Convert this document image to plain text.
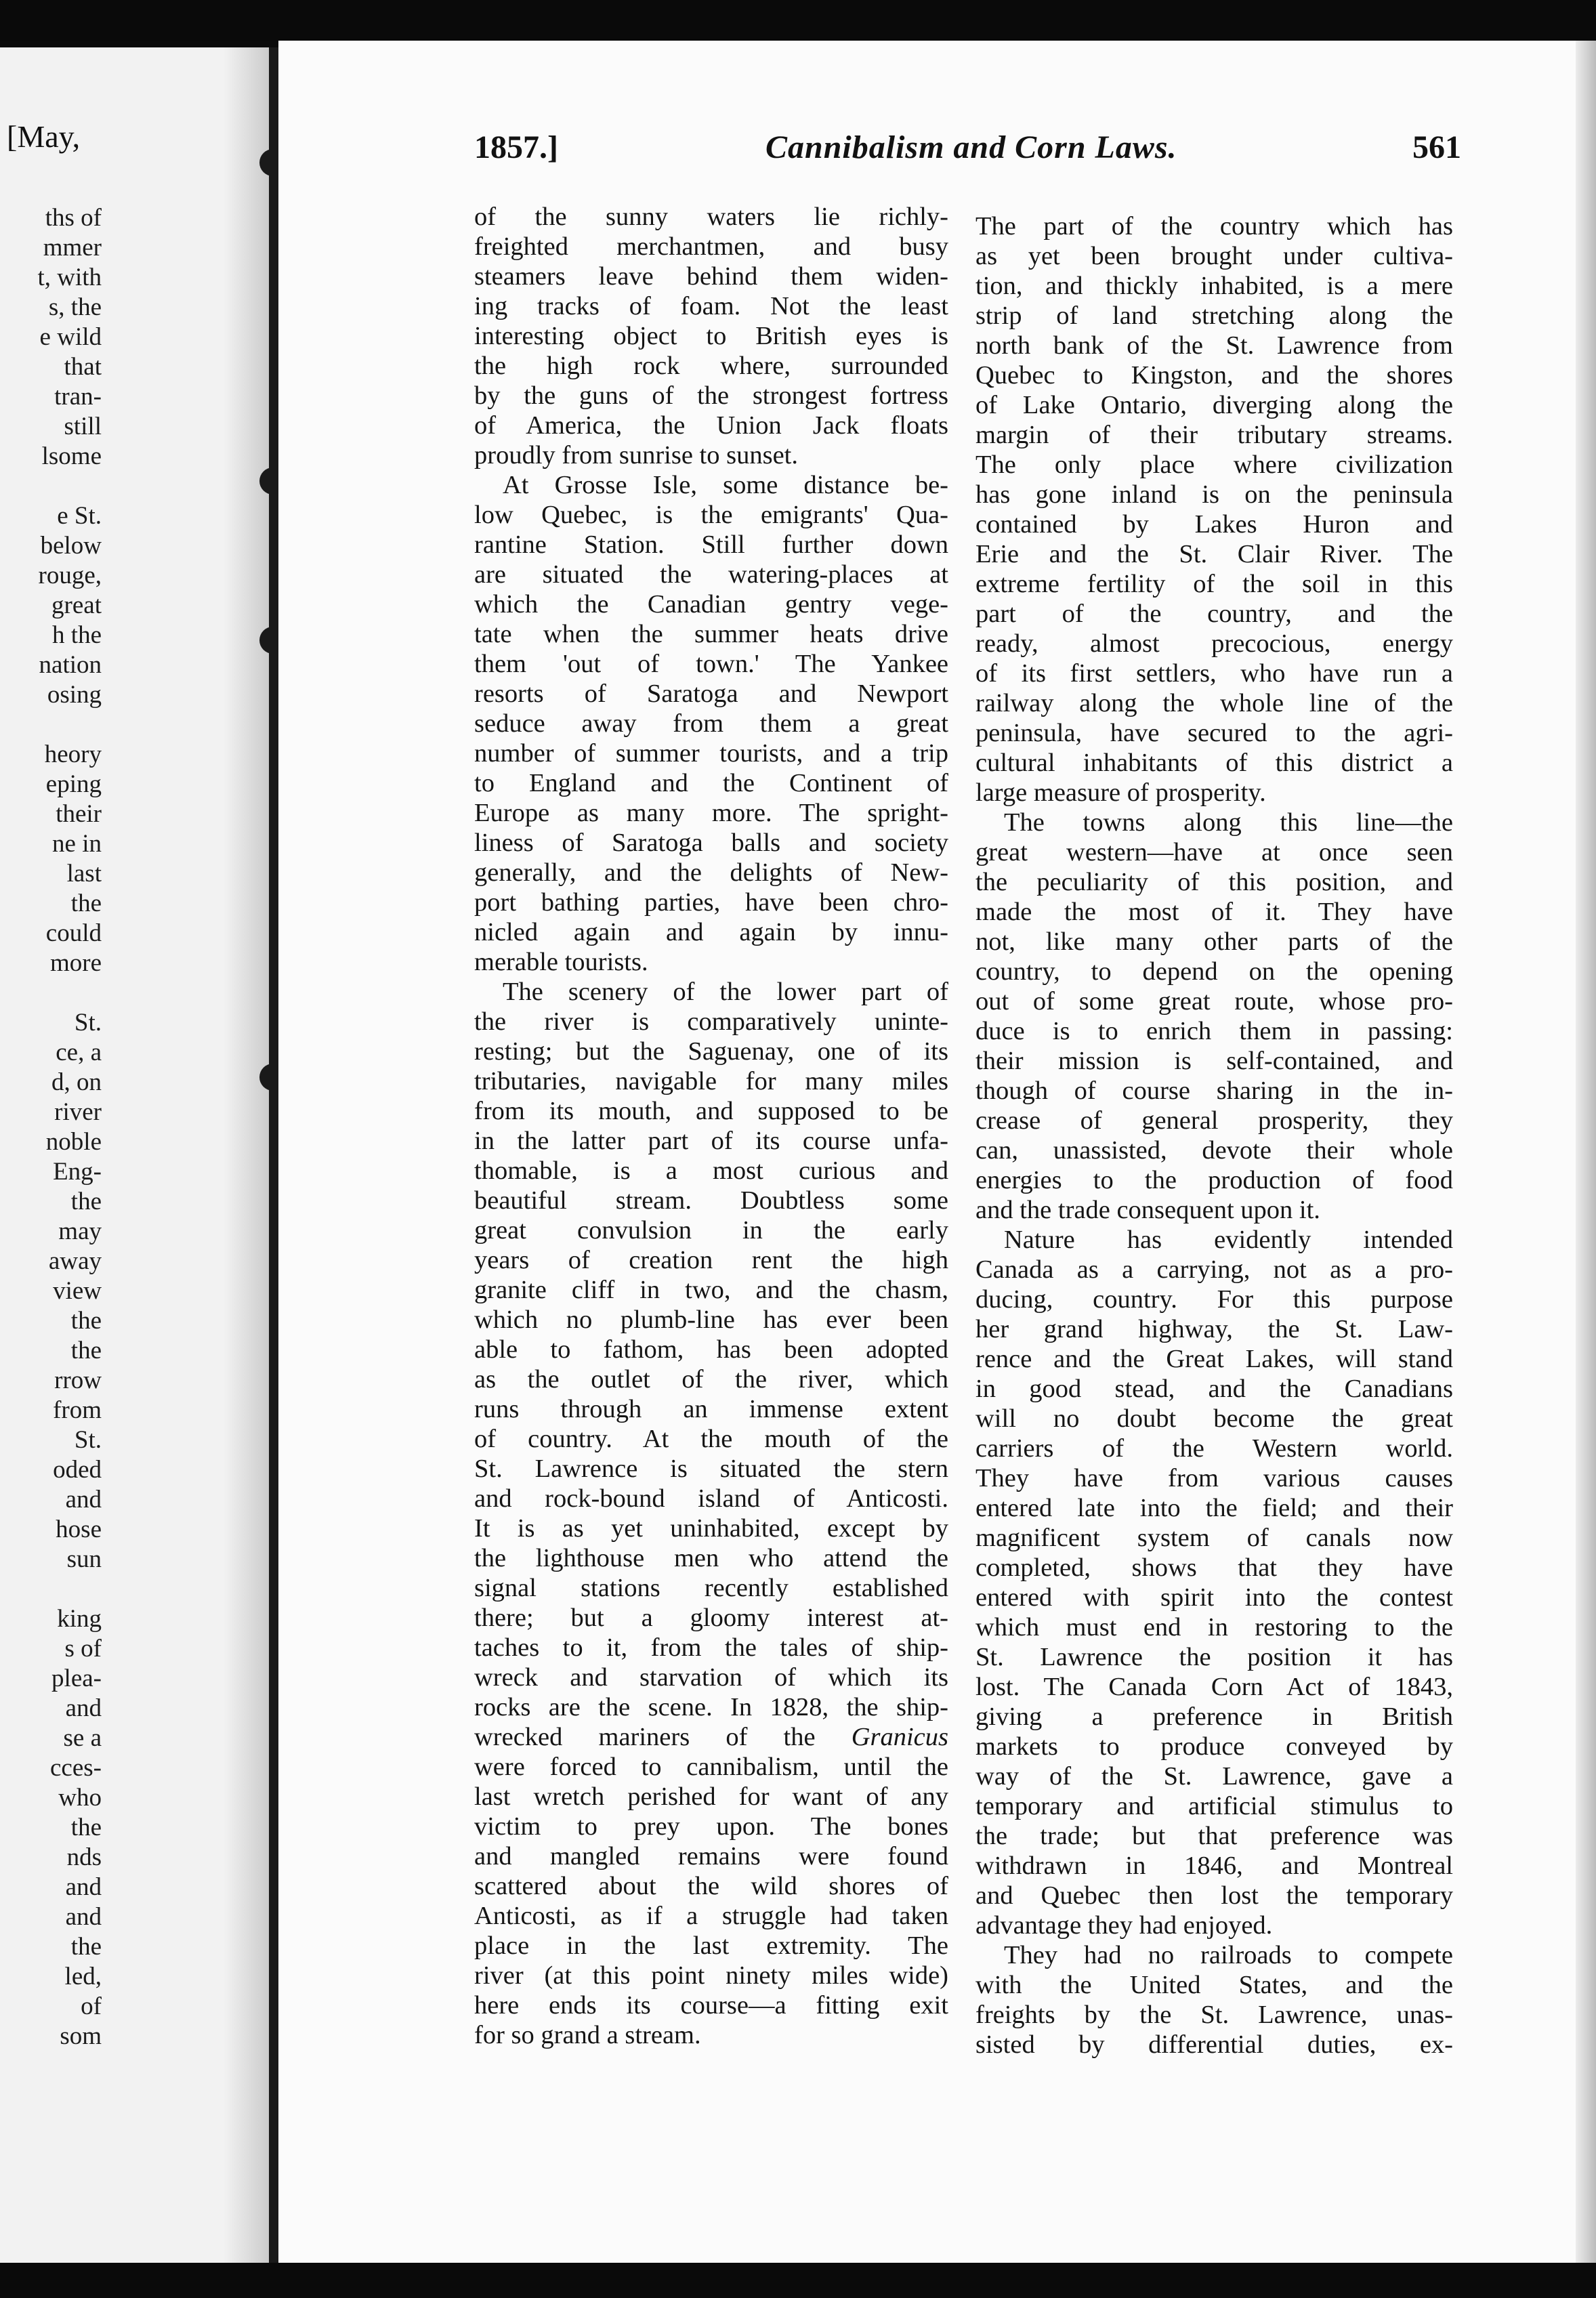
[May,
ths of
mmer
t, with
s, the
e wild
that
tran-
still
lsome
e St.
below
rouge,
great
h the
nation
osing
heory
eping
their
ne in
last
the
could
more
St.
ce, a
d, on
river
noble
Eng-
the
may
away
view
the
the
rrow
from
St.
oded
and
hose
sun
king
s of
plea-
and
se a
cces-
who
the
nds
and
and
the
led,
of
som
1857.]	Cannibalism and Corn Laws.	561
of the sunny waters lie richly-
freighted merchantmen, and busy
steamers leave behind them widen-
ing tracks of foam. Not the least
interesting object to British eyes is
the high rock where, surrounded
by the guns of the strongest fortress
of America, the Union Jack floats
proudly from sunrise to sunset.
At Grosse Isle, some distance be-
low Quebec, is the emigrants' Qua-
rantine Station. Still further down
are situated the watering-places at
which the Canadian gentry vege-
tate when the summer heats drive
them 'out of town.' The Yankee
resorts of Saratoga and Newport
seduce away from them a great
number of summer tourists, and a trip
to England and the Continent of
Europe as many more. The spright-
liness of Saratoga balls and society
generally, and the delights of New-
port bathing parties, have been chro-
nicled again and again by innu-
merable tourists.
The scenery of the lower part of
the river is comparatively uninte-
resting; but the Saguenay, one of its
tributaries, navigable for many miles
from its mouth, and supposed to be
in the latter part of its course unfa-
thomable, is a most curious and
beautiful stream. Doubtless some
great convulsion in the early
years of creation rent the high
granite cliff in two, and the chasm,
which no plumb-line has ever been
able to fathom, has been adopted
as the outlet of the river, which
runs through an immense extent
of country. At the mouth of the
St. Lawrence is situated the stern
and rock-bound island of Anticosti.
It is as yet uninhabited, except by
the lighthouse men who attend the
signal stations recently established
there; but a gloomy interest at-
taches to it, from the tales of ship-
wreck and starvation of which its
rocks are the scene. In 1828, the ship-
wrecked mariners of the Granicus
were forced to cannibalism, until the
last wretch perished for want of any
victim to prey upon. The bones
and mangled remains were found
scattered about the wild shores of
Anticosti, as if a struggle had taken
place in the last extremity. The
river (at this point ninety miles wide)
here ends its course—a fitting exit
for so grand a stream.
The part of the country which has
as yet been brought under cultiva-
tion, and thickly inhabited, is a mere
strip of land stretching along the
north bank of the St. Lawrence from
Quebec to Kingston, and the shores
of Lake Ontario, diverging along the
margin of their tributary streams.
The only place where civilization
has gone inland is on the peninsula
contained by Lakes Huron and
Erie and the St. Clair River. The
extreme fertility of the soil in this
part of the country, and the
ready, almost precocious, energy
of its first settlers, who have run a
railway along the whole line of the
peninsula, have secured to the agri-
cultural inhabitants of this district a
large measure of prosperity.
The towns along this line—the
great western—have at once seen
the peculiarity of this position, and
made the most of it. They have
not, like many other parts of the
country, to depend on the opening
out of some great route, whose pro-
duce is to enrich them in passing:
their mission is self-contained, and
though of course sharing in the in-
crease of general prosperity, they
can, unassisted, devote their whole
energies to the production of food
and the trade consequent upon it.
Nature has evidently intended
Canada as a carrying, not as a pro-
ducing, country. For this purpose
her grand highway, the St. Law-
rence and the Great Lakes, will stand
in good stead, and the Canadians
will no doubt become the great
carriers of the Western world.
They have from various causes
entered late into the field; and their
magnificent system of canals now
completed, shows that they have
entered with spirit into the contest
which must end in restoring to the
St. Lawrence the position it has
lost. The Canada Corn Act of 1843,
giving a preference in British
markets to produce conveyed by
way of the St. Lawrence, gave a
temporary and artificial stimulus to
the trade; but that preference was
withdrawn in 1846, and Montreal
and Quebec then lost the temporary
advantage they had enjoyed.
They had no railroads to compete
with the United States, and the
freights by the St. Lawrence, unas-
sisted by differential duties, ex-
